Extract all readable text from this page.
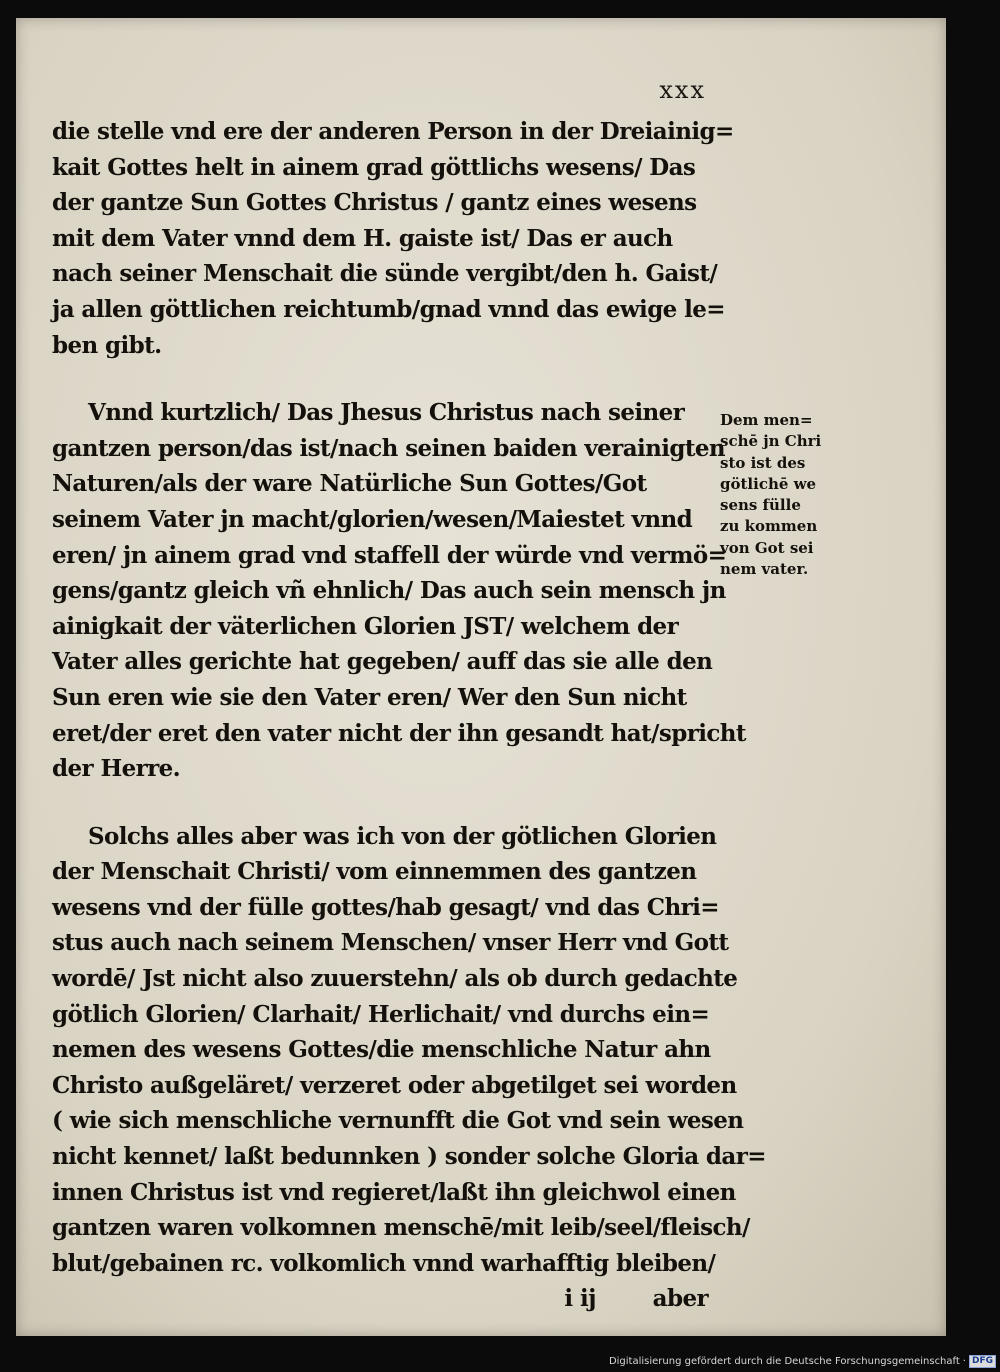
xxx
die stelle vnd ere der anderen Person in der Dreiainig=
kait Gottes helt in ainem grad göttlichs wesens/ Das
der gantze Sun Gottes Christus / gantz eines wesens
mit dem Vater vnnd dem H. gaiste ist/ Das er auch
nach seiner Menschait die sünde vergibt/den h. Gaist/
ja allen göttlichen reichtumb/gnad vnnd das ewige le=
ben gibt.
Vnnd kurtzlich/ Das Jhesus Christus nach seiner
gantzen person/das ist/nach seinen baiden verainigten
Naturen/als der ware Natürliche Sun Gottes/Got
seinem Vater jn macht/glorien/wesen/Maiestet vnnd
eren/ jn ainem grad vnd staffell der würde vnd vermö=
gens/gantz gleich vñ ehnlich/ Das auch sein mensch jn
ainigkait der väterlichen Glorien JST/ welchem der
Vater alles gerichte hat gegeben/ auff das sie alle den
Sun eren wie sie den Vater eren/ Wer den Sun nicht
eret/der eret den vater nicht der ihn gesandt hat/spricht
der Herre.
Solchs alles aber was ich von der götlichen Glorien
der Menschait Christi/ vom einnemmen des gantzen
wesens vnd der fülle gottes/hab gesagt/ vnd das Chri=
stus auch nach seinem Menschen/ vnser Herr vnd Gott
wordē/ Jst nicht also zuuerstehn/ als ob durch gedachte
götlich Glorien/ Clarhait/ Herlichait/ vnd durchs ein=
nemen des wesens Gottes/die menschliche Natur ahn
Christo außgeläret/ verzeret oder abgetilget sei worden
( wie sich menschliche vernunfft die Got vnd sein wesen
nicht kennet/ laßt bedunnken ) sonder solche Gloria dar=
innen Christus ist vnd regieret/laßt ihn gleichwol einen
gantzen waren volkomnen menschē/mit leib/seel/fleisch/
blut/gebainen rc. volkomlich vnnd warhafftig bleiben/
i ij aber
Dem men=
schē jn Chri
sto ist des
götlichē we
sens fülle
zu kommen
von Got sei
nem vater.
Digitalisierung gefördert durch die Deutsche Forschungsgemeinschaft · DFG
